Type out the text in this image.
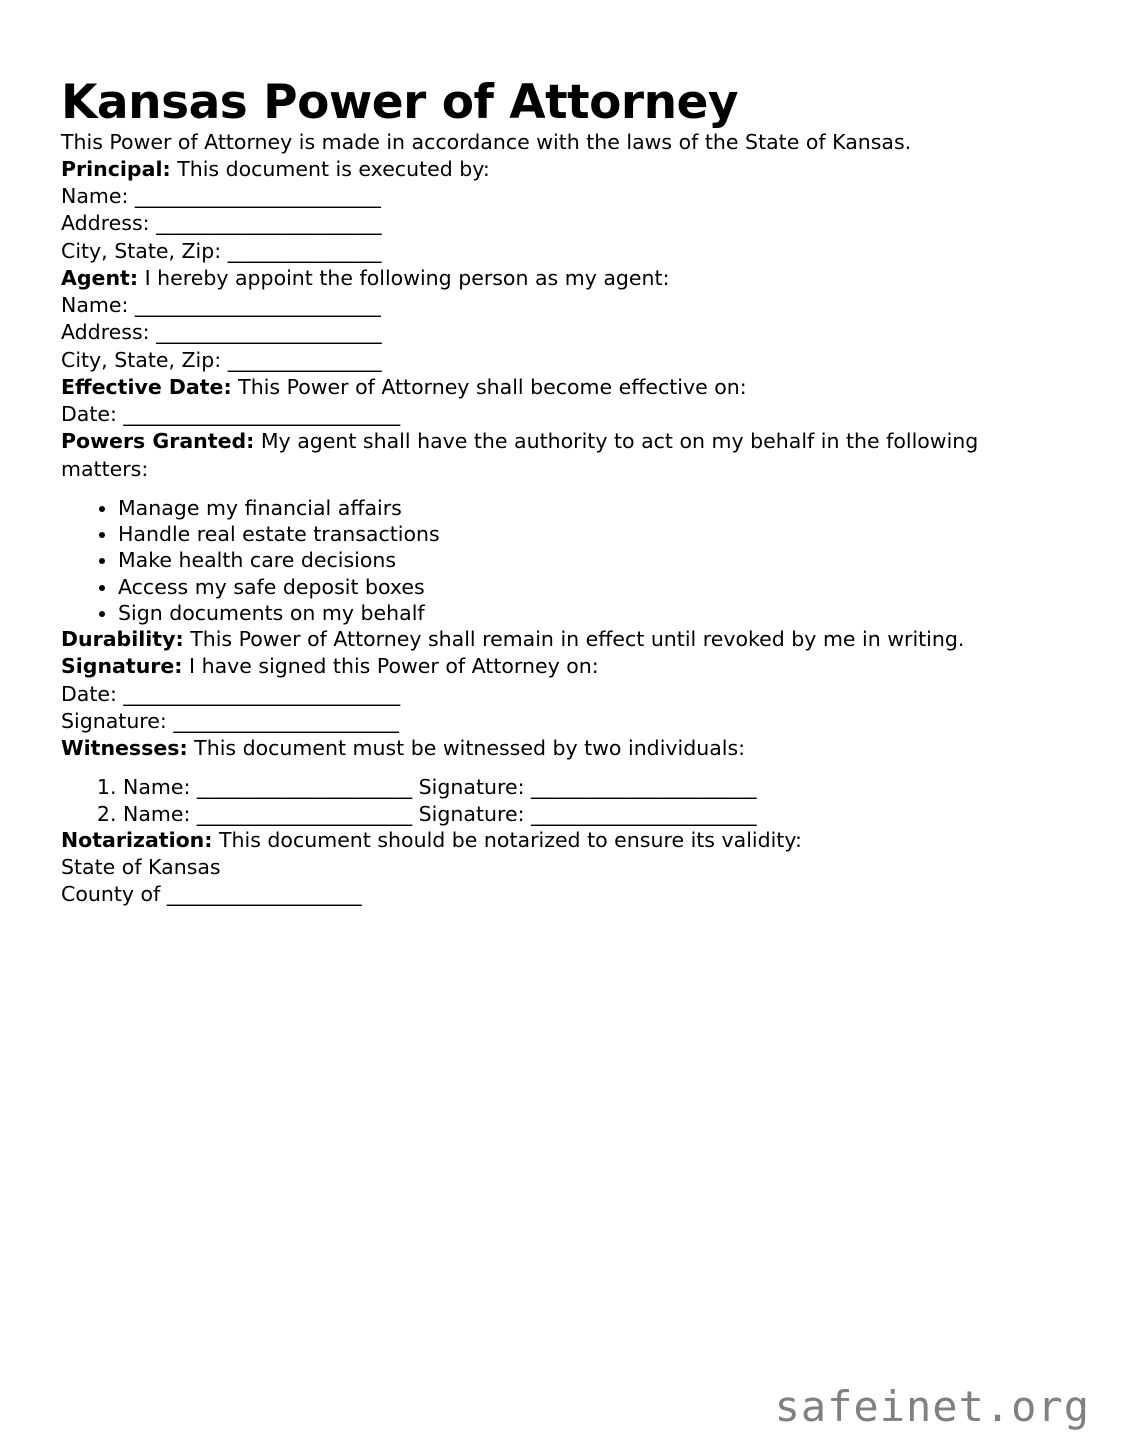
Kansas Power of Attorney

This Power of Attorney is made in accordance with the laws of the State of Kansas.

Principal: This document is executed by:

Name: ________________________

Address: ______________________

City, State, Zip: _______________

Agent: I hereby appoint the following person as my agent:

Name: ________________________

Address: ______________________

City, State, Zip: _______________

Effective Date: This Power of Attorney shall become effective on:

Date: ___________________________

Powers Granted: My agent shall have the authority to act on my behalf in the following matters:

• Manage my financial affairs
• Handle real estate transactions
• Make health care decisions
• Access my safe deposit boxes
• Sign documents on my behalf

Durability: This Power of Attorney shall remain in effect until revoked by me in writing.

Signature: I have signed this Power of Attorney on:

Date: ___________________________

Signature: ______________________

Witnesses: This document must be witnessed by two individuals:

1. Name: _____________________ Signature: ______________________
2. Name: _____________________ Signature: ______________________

Notarization: This document should be notarized to ensure its validity:

State of Kansas

County of ___________________

safeinet.org
